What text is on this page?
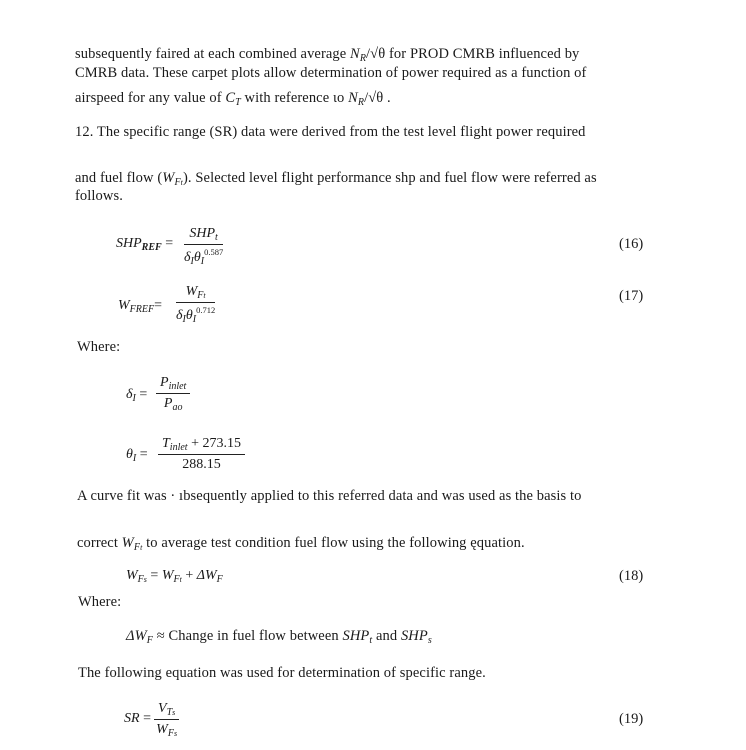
subsequently faired at each combined average $N_R/√\theta$ for PROD CMRB influenced by
CMRB data. These carpet plots allow determination of power required as a function of
airspeed for any value of $C_T$ with reference ιo $N_R/√\theta$ .
12. The specific range (SR) data were derived from the test level flight power required
and fuel flow $(W_{Ft})$. Selected level flight performance shp and fuel flow were referred as
follows.
$SHP_{REF}$ =
$SHP_t$
$\delta_I\theta_I^{0.587}$	(16)
$W_{FREF}=$
$W_{Ft}$
$\delta_I\theta_I^{0.712}$
(17)
Where:
$\delta_I$ =
$P_{inlet}$
$P_{ao}$
$\theta_I$ =
$T_{inlet} + 273.15$
288.15
A curve fit was · ıbsequently applied to this referred data and was used as the basis to
correct $W_{Ft}$ to average test condition fuel flow using the following ęquation.
$W_{Fs} = W_{Ft} + \Delta W_F$	(18)
Where:
$\Delta W_F$ ≈ Change in fuel flow between $SHP_t$ and $SHP_s$
The following equation was used for determination of specific range.
SR =
$V_{Ts}$
$W_{Fs}$
(19)
